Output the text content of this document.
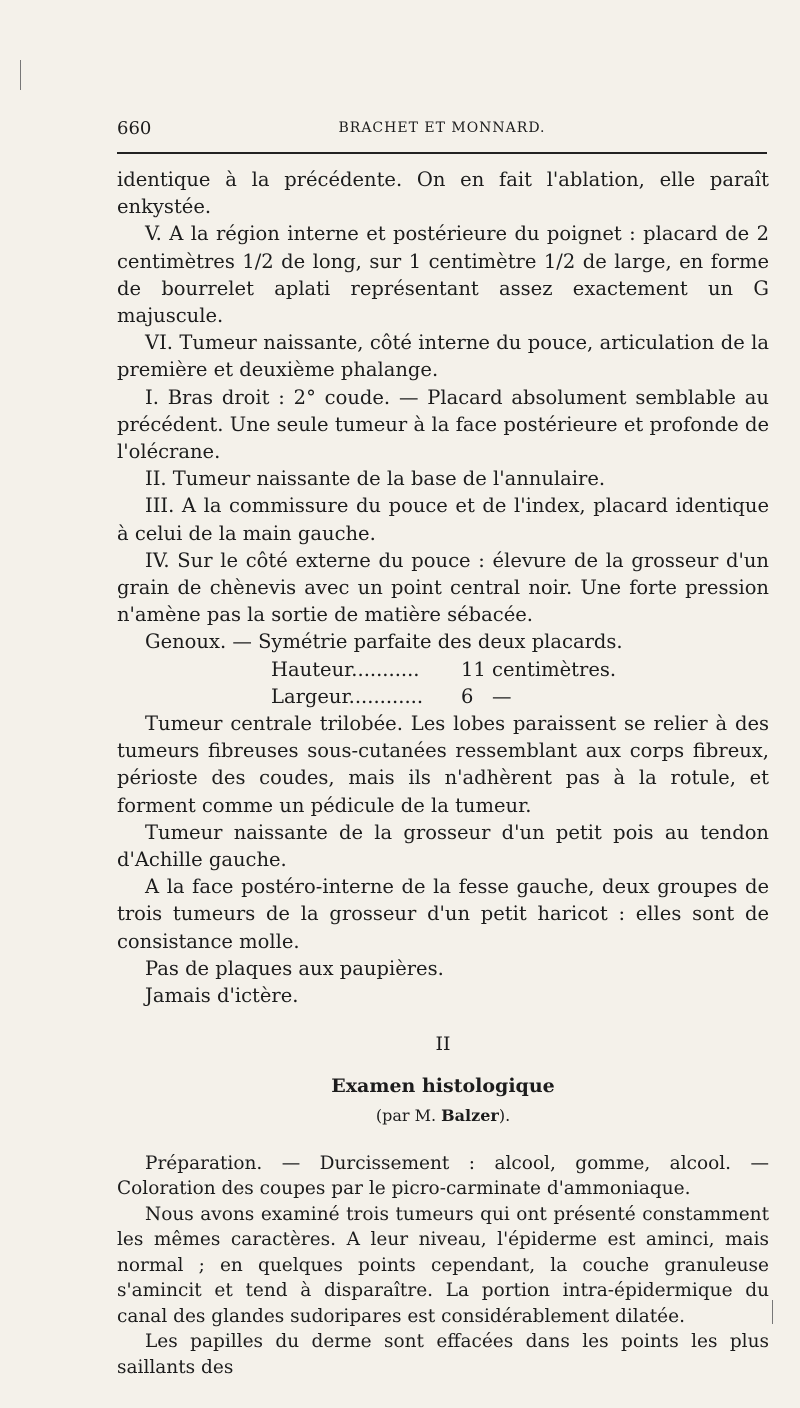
660	BRACHET ET MONNARD.

identique à la précédente. On en fait l'ablation, elle paraît enkystée.

V. A la région interne et postérieure du poignet : placard de 2 centimètres 1/2 de long, sur 1 centimètre 1/2 de large, en forme de bourrelet aplati représentant assez exactement un G majuscule.

VI. Tumeur naissante, côté interne du pouce, articulation de la première et deuxième phalange.

I. Bras droit : 2° coude. — Placard absolument semblable au précédent. Une seule tumeur à la face postérieure et profonde de l'olécrane.

II. Tumeur naissante de la base de l'annulaire.

III. A la commissure du pouce et de l'index, placard identique à celui de la main gauche.

IV. Sur le côté externe du pouce : élevure de la grosseur d'un grain de chènevis avec un point central noir. Une forte pression n'amène pas la sortie de matière sébacée.

Genoux. — Symétrie parfaite des deux placards.

Hauteur........... 11 centimètres.
Largeur............ 6 —

Tumeur centrale trilobée. Les lobes paraissent se relier à des tumeurs fibreuses sous-cutanées ressemblant aux corps fibreux, périoste des coudes, mais ils n'adhèrent pas à la rotule, et forment comme un pédicule de la tumeur.

Tumeur naissante de la grosseur d'un petit pois au tendon d'Achille gauche.

A la face postéro-interne de la fesse gauche, deux groupes de trois tumeurs de la grosseur d'un petit haricot : elles sont de consistance molle.

Pas de plaques aux paupières.

Jamais d'ictère.

II

Examen histologique

(par M. Balzer).

Préparation. — Durcissement : alcool, gomme, alcool. — Coloration des coupes par le picro-carminate d'ammoniaque.

Nous avons examiné trois tumeurs qui ont présenté constamment les mêmes caractères. A leur niveau, l'épiderme est aminci, mais normal ; en quelques points cependant, la couche granuleuse s'amincit et tend à disparaître. La portion intra-épidermique du canal des glandes sudoripares est considérablement dilatée.

Les papilles du derme sont effacées dans les points les plus saillants des
